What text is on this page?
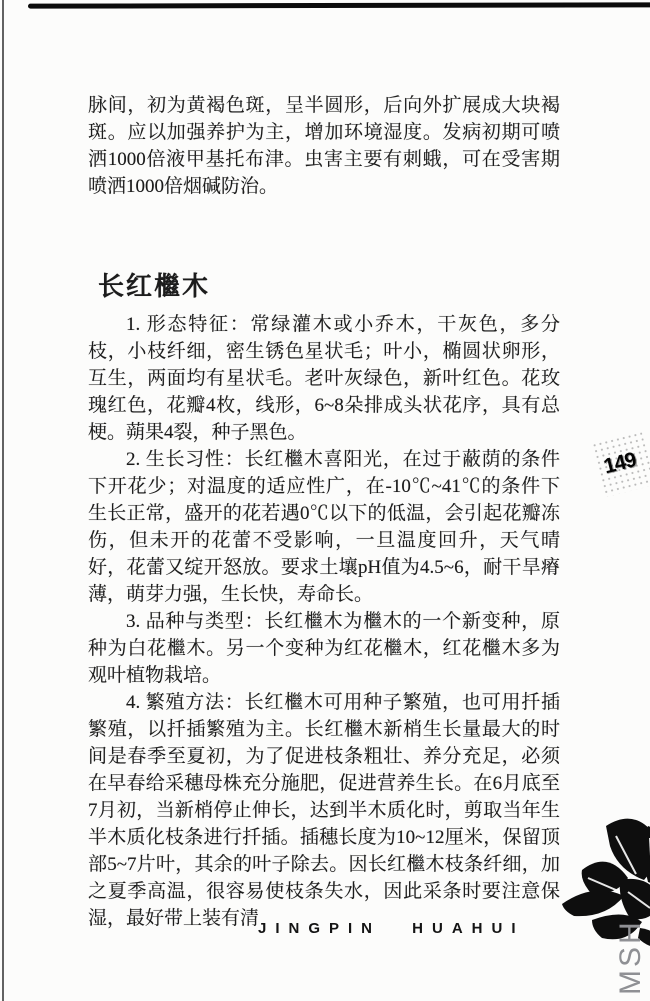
脉间，初为黄褐色斑，呈半圆形，后向外扩展成大块褐斑。应以加强养护为主，增加环境湿度。发病初期可喷洒1000倍液甲基托布津。虫害主要有刺蛾，可在受害期喷洒1000倍烟碱防治。

长红檵木

1. 形态特征：常绿灌木或小乔木，干灰色，多分枝，小枝纤细，密生锈色星状毛；叶小，椭圆状卵形，互生，两面均有星状毛。老叶灰绿色，新叶红色。花玫瑰红色，花瓣4枚，线形，6~8朵排成头状花序，具有总梗。蒴果4裂，种子黑色。

2. 生长习性：长红檵木喜阳光，在过于蔽荫的条件下开花少；对温度的适应性广，在-10℃~41℃的条件下生长正常，盛开的花若遇0℃以下的低温，会引起花瓣冻伤，但未开的花蕾不受影响，一旦温度回升，天气晴好，花蕾又绽开怒放。要求土壤pH值为4.5~6，耐干旱瘠薄，萌芽力强，生长快，寿命长。

3. 品种与类型：长红檵木为檵木的一个新变种，原种为白花檵木。另一个变种为红花檵木，红花檵木多为观叶植物栽培。

4. 繁殖方法：长红檵木可用种子繁殖，也可用扦插繁殖，以扦插繁殖为主。长红檵木新梢生长量最大的时间是春季至夏初，为了促进枝条粗壮、养分充足，必须在早春给采穗母株充分施肥，促进营养生长。在6月底至7月初，当新梢停止伸长，达到半木质化时，剪取当年生半木质化枝条进行扦插。插穗长度为10~12厘米，保留顶部5~7片叶，其余的叶子除去。因长红檵木枝条纤细，加之夏季高温，很容易使枝条失水，因此采条时要注意保湿，最好带上装有清

149
JINGPIN HUAHUI	MSH
